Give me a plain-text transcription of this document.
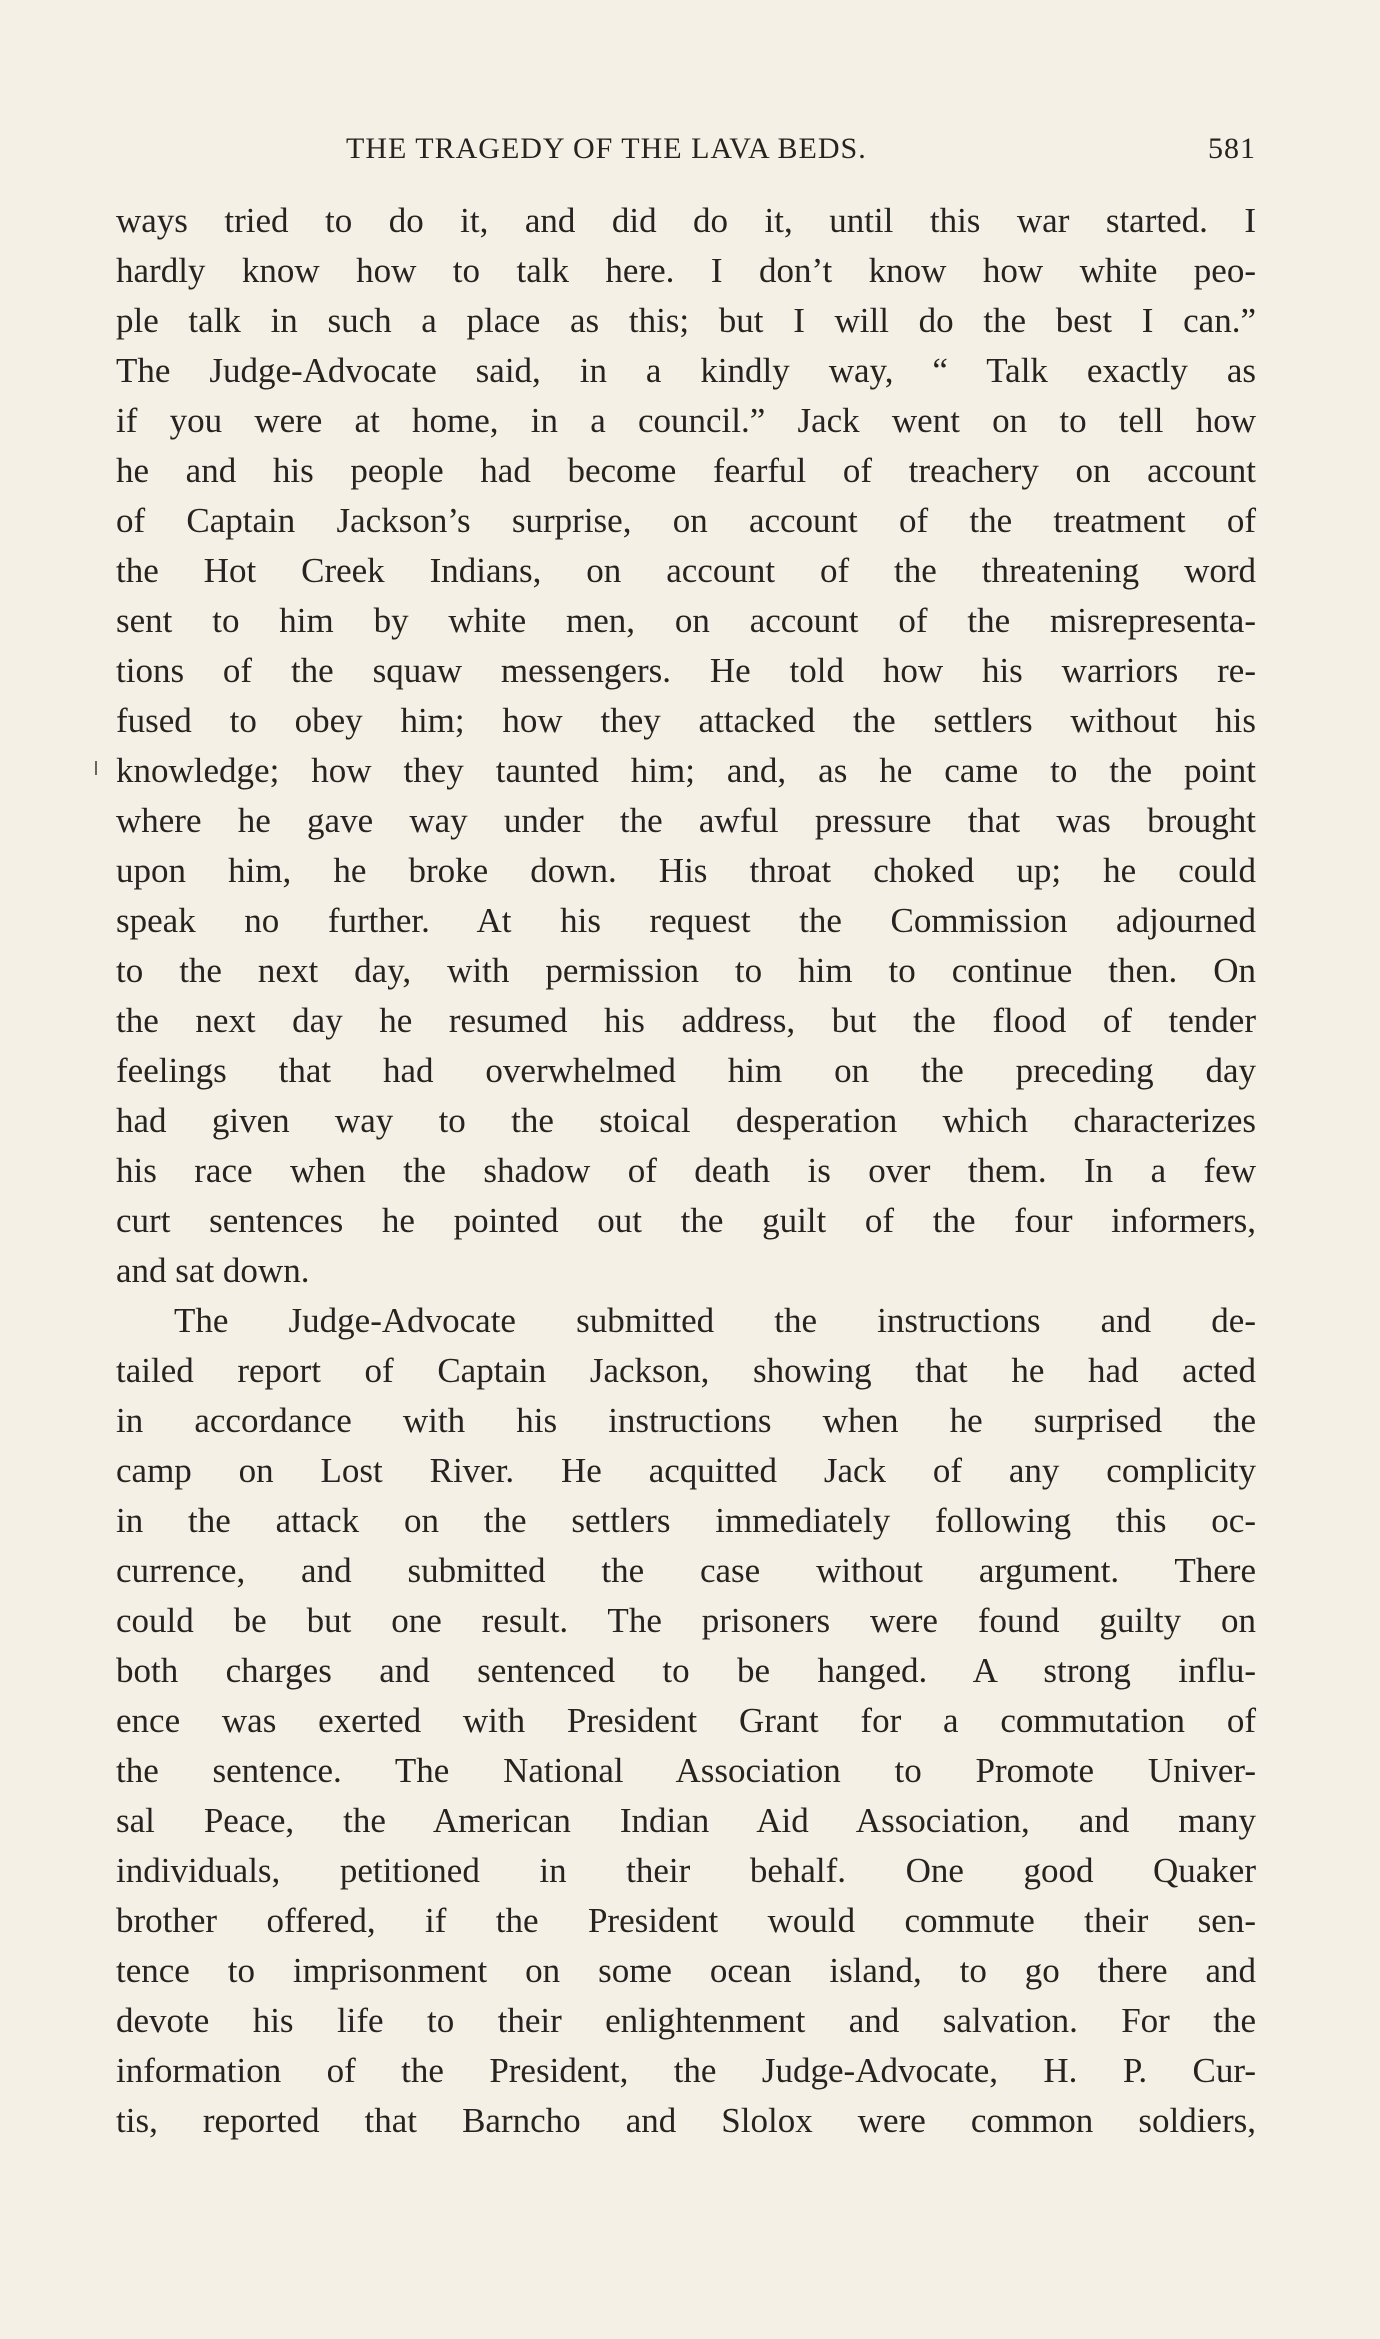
THE TRAGEDY OF THE LAVA BEDS.	581
ways tried to do it, and did do it, until this war started. I
hardly know how to talk here. I don’t know how white peo-
ple talk in such a place as this; but I will do the best I can.”
The Judge-Advocate said, in a kindly way, “ Talk exactly as
if you were at home, in a council.” Jack went on to tell how
he and his people had become fearful of treachery on account
of Captain Jackson’s surprise, on account of the treatment of
the Hot Creek Indians, on account of the threatening word
sent to him by white men, on account of the misrepresenta-
tions of the squaw messengers. He told how his warriors re-
fused to obey him; how they attacked the settlers without his
knowledge; how they taunted him; and, as he came to the point
where he gave way under the awful pressure that was brought
upon him, he broke down. His throat choked up; he could
speak no further. At his request the Commission adjourned
to the next day, with permission to him to continue then. On
the next day he resumed his address, but the flood of tender
feelings that had overwhelmed him on the preceding day
had given way to the stoical desperation which characterizes
his race when the shadow of death is over them. In a few
curt sentences he pointed out the guilt of the four informers,
and sat down.
The Judge-Advocate submitted the instructions and de-
tailed report of Captain Jackson, showing that he had acted
in accordance with his instructions when he surprised the
camp on Lost River. He acquitted Jack of any complicity
in the attack on the settlers immediately following this oc-
currence, and submitted the case without argument. There
could be but one result. The prisoners were found guilty on
both charges and sentenced to be hanged. A strong influ-
ence was exerted with President Grant for a commutation of
the sentence. The National Association to Promote Univer-
sal Peace, the American Indian Aid Association, and many
individuals, petitioned in their behalf. One good Quaker
brother offered, if the President would commute their sen-
tence to imprisonment on some ocean island, to go there and
devote his life to their enlightenment and salvation. For the
information of the President, the Judge-Advocate, H. P. Cur-
tis, reported that Barncho and Slolox were common soldiers,
